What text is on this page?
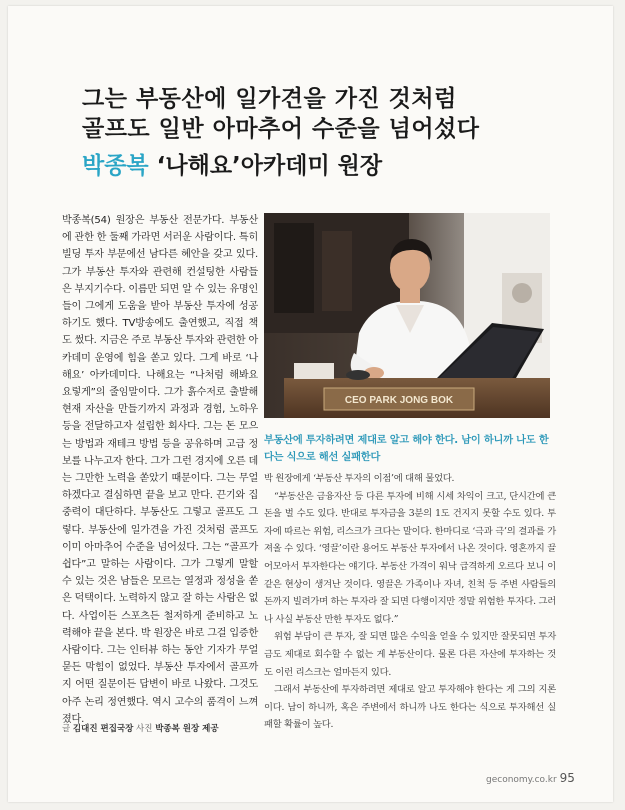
그는 부동산에 일가견을 가진 것처럼
골프도 일반 아마추어 수준을 넘어섰다
박종복 ‘나해요’아카데미 원장

박종복(54) 원장은 부동산 전문가다. 부동산에 관한 한 둘째 가라면 서러운 사람이다. 특히 빌딩 투자 부문에선 남다른 혜안을 갖고 있다. 그가 부동산 투자와 관련해 컨설팅한 사람들은 부지기수다. 이름만 되면 알 수 있는 유명인들이 그에게 도움을 받아 부동산 투자에 성공하기도 했다. TV방송에도 출연했고, 직접 책도 썼다. 지금은 주로 부동산 투자와 관련한 아카데미 운영에 힘을 쏟고 있다. 그게 바로 ‘나해요’ 아카데미다. 나해요는 “나처럼 해봐요 요렇게”의 줄임말이다. 그가 흙수저로 출발해 현재 자산을 만들기까지 과정과 경험, 노하우 등을 전달하고자 설립한 회사다. 그는 돈 모으는 방법과 재테크 방법 등을 공유하며 고급 정보를 나누고자 한다. 그가 그런 경지에 오른 데는 그만한 노력을 쏟았기 때문이다. 그는 무얼 하겠다고 결심하면 끝을 보고 만다. 끈기와 집중력이 대단하다. 부동산도 그렇고 골프도 그렇다. 부동산에 일가견을 가진 것처럼 골프도 이미 아마추어 수준을 넘어섰다. 그는 “골프가 쉽다”고 말하는 사람이다. 그가 그렇게 말할 수 있는 것은 남들은 모르는 열정과 정성을 쏟은 덕택이다. 노력하지 않고 잘 하는 사람은 없다. 사업이든 스포츠든 철저하게 준비하고 노력해야 끝을 본다. 박 원장은 바로 그걸 입증한 사람이다. 그는 인터뷰 하는 동안 기자가 무얼 묻든 막힘이 없었다. 부동산 투자에서 골프까지 어떤 질문이든 답변이 바로 나왔다. 그것도 아주 논리 정연했다. 역시 고수의 품격이 느껴졌다.

글 김대진 편집국장 사진 박종복 원장 제공
CEO PARK JONG BOK
부동산에 투자하려면 제대로 알고 해야 한다. 남이 하니까 나도 한다는 식으로 해선 실패한다

박 원장에게 ‘부동산 투자의 이점’에 대해 물었다.

“부동산은 금융자산 등 다른 투자에 비해 시세 차익이 크고, 단시간에 큰 돈을 벌 수도 있다. 반대로 투자금을 3분의 1도 건지지 못할 수도 있다. 투자에 따르는 위험, 리스크가 크다는 말이다. 한마디로 ‘극과 극’의 결과를 가져올 수 있다. ‘영끌’이란 용어도 부동산 투자에서 나온 것이다. 영혼까지 끌어모아서 투자한다는 얘기다. 부동산 가격이 워낙 급격하게 오르다 보니 이같은 현상이 생겨난 것이다. 영끌은 가족이나 자녀, 친척 등 주변 사람들의 돈까지 빌려가며 하는 투자라 잘 되면 다행이지만 정말 위험한 투자다. 그러나 사실 부동산 만한 투자도 없다.”

위험 부담이 큰 투자, 잘 되면 많은 수익을 얻을 수 있지만 잘못되면 투자금도 제대로 회수할 수 없는 게 부동산이다. 물론 다른 자산에 투자하는 것도 이런 리스크는 얼마든지 있다.

그래서 부동산에 투자하려면 제대로 알고 투자해야 한다는 게 그의 지론이다. 남이 하니까, 혹은 주변에서 하니까 나도 한다는 식으로 투자해선 실패할 확률이 높다.

geconomy.co.kr 95
